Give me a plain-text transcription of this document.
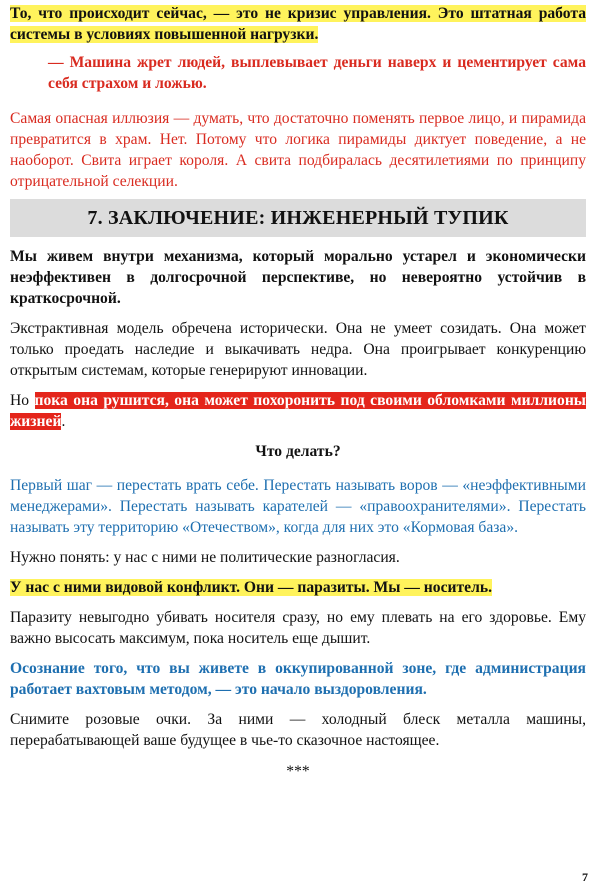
То, что происходит сейчас, — это не кризис управления. Это штатная работа системы в условиях повышенной нагрузки.

— Машина жрет людей, выплевывает деньги наверх и цементирует сама себя страхом и ложью.

Самая опасная иллюзия — думать, что достаточно поменять первое лицо, и пирамида превратится в храм. Нет. Потому что логика пирамиды диктует поведение, а не наоборот. Свита играет короля. А свита подбиралась десятилетиями по принципу отрицательной селекции.

7. ЗАКЛЮЧЕНИЕ: ИНЖЕНЕРНЫЙ ТУПИК

Мы живем внутри механизма, который морально устарел и экономически неэффективен в долгосрочной перспективе, но невероятно устойчив в краткосрочной.

Экстрактивная модель обречена исторически. Она не умеет созидать. Она может только проедать наследие и выкачивать недра. Она проигрывает конкуренцию открытым системам, которые генерируют инновации.

Но пока она рушится, она может похоронить под своими обломками миллионы жизней.

Что делать?

Первый шаг — перестать врать себе. Перестать называть воров — «неэффективными менеджерами». Перестать называть карателей — «правоохранителями». Перестать называть эту территорию «Отечеством», когда для них это «Кормовая база».

Нужно понять: у нас с ними не политические разногласия.

У нас с ними видовой конфликт. Они — паразиты. Мы — носитель.

Паразиту невыгодно убивать носителя сразу, но ему плевать на его здоровье. Ему важно высосать максимум, пока носитель еще дышит.

Осознание того, что вы живете в оккупированной зоне, где администрация работает вахтовым методом, — это начало выздоровления.

Снимите розовые очки. За ними — холодный блеск металла машины, перерабатывающей ваше будущее в чье-то сказочное настоящее.

***

7
